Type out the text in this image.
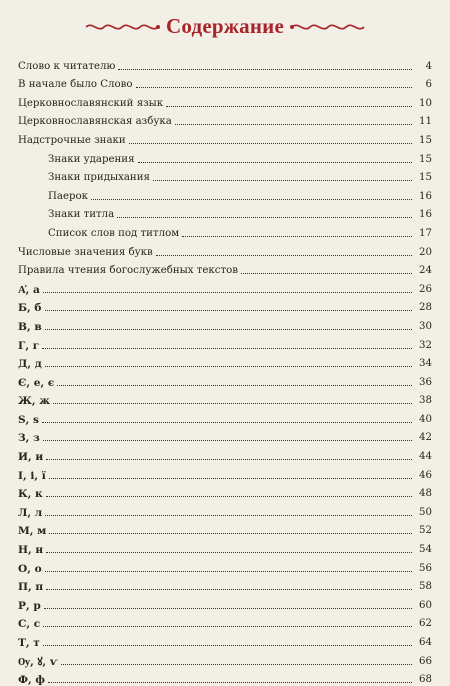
Содержание
Слово к читателю	4
В начале было Слово	6
Церковнославянский язык	10
Церковнославянская азбука	11
Надстрочные знаки	15
Знаки ударения	15
Знаки придыхания	15
Паерок	16
Знаки титла	16
Список слов под титлом	17
Числовые значения букв	20
Правила чтения богослужебных текстов	24
А҆, а	26
Б, б	28
В, в	30
Г, г	32
Д, д	34
Є, е, є	36
Ж, ж	38
Ѕ, ѕ	40
З, з	42
И, и	44
І, і, ї	46
К, к	48
Л, л	50
М, м	52
Н, н	54
О, о	56
П, п	58
Р, р	60
С, с	62
Т, т	64
Ѹ, ꙋ, ѵ	66
Ф, ф	68
